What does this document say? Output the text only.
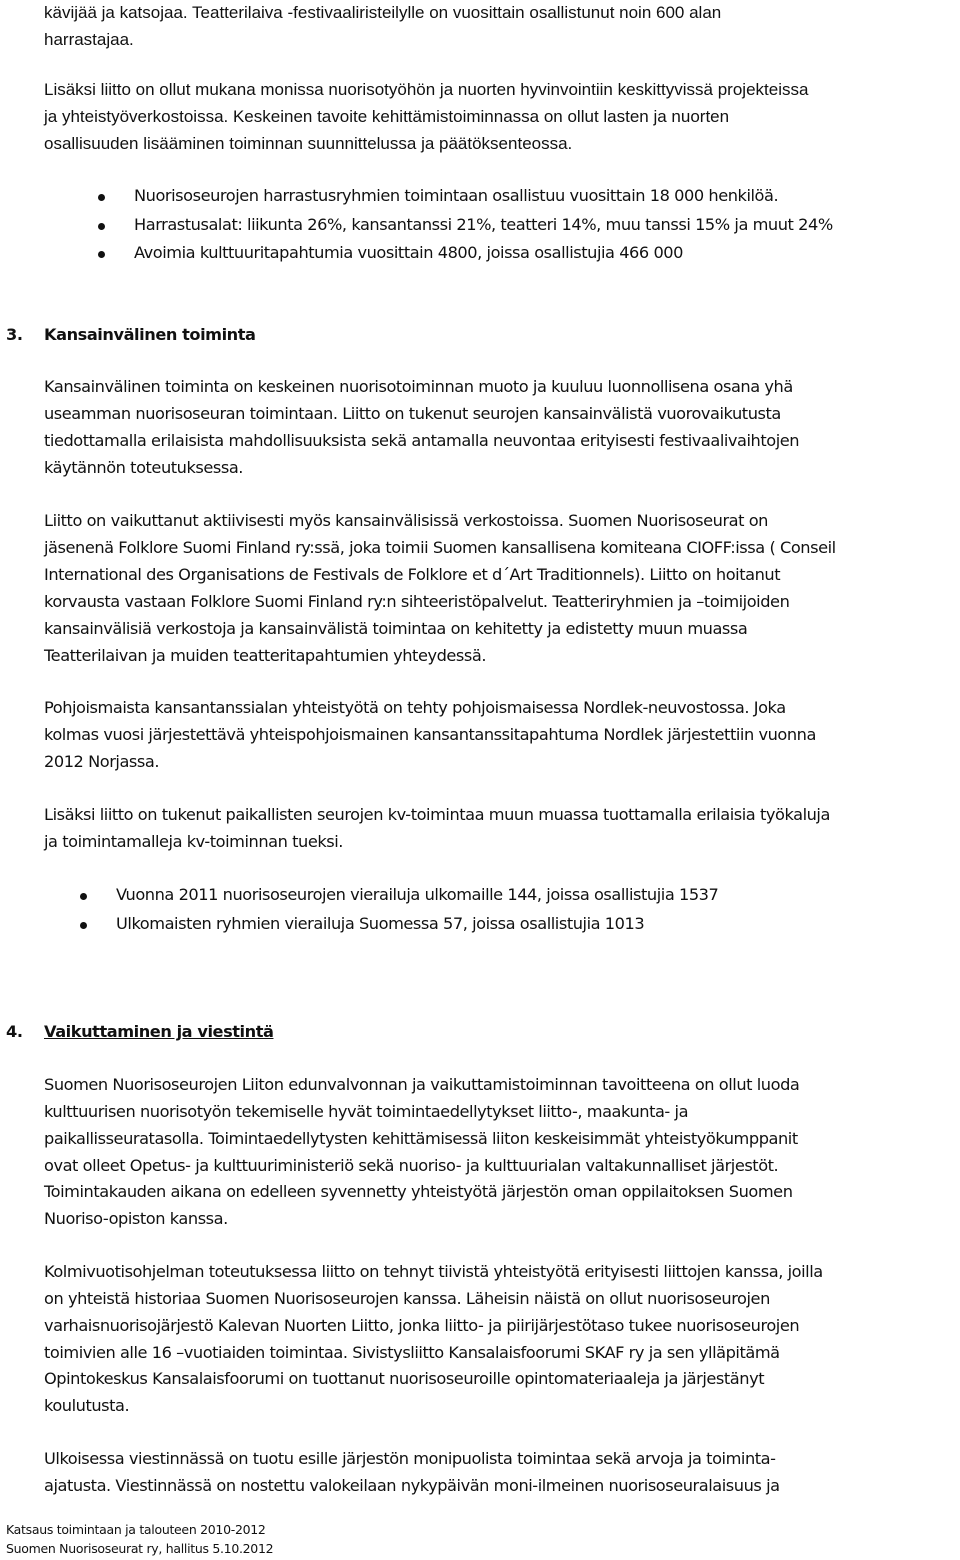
kävijää ja katsojaa. Teatterilaiva -festivaaliristeilylle on vuosittain osallistunut noin 600 alan
harrastajaa.
Lisäksi liitto on ollut mukana monissa nuorisotyöhön ja nuorten hyvinvointiin keskittyvissä projekteissa
ja yhteistyöverkostoissa. Keskeinen tavoite kehittämistoiminnassa on ollut lasten ja nuorten
osallisuuden lisääminen toiminnan suunnittelussa ja päätöksenteossa.
Nuorisoseurojen harrastusryhmien toimintaan osallistuu vuosittain 18 000 henkilöä.
Harrastusalat: liikunta 26%, kansantanssi 21%, teatteri 14%, muu tanssi 15% ja muut 24%
Avoimia kulttuuritapahtumia vuosittain 4800, joissa osallistujia 466 000
3. Kansainvälinen toiminta
Kansainvälinen toiminta on keskeinen nuorisotoiminnan muoto ja kuuluu luonnollisena osana yhä
useamman nuorisoseuran toimintaan. Liitto on tukenut seurojen kansainvälistä vuorovaikutusta
tiedottamalla erilaisista mahdollisuuksista sekä antamalla neuvontaa erityisesti festivaalivaihtojen
käytännön toteutuksessa.
Liitto on vaikuttanut aktiivisesti myös kansainvälisissä verkostoissa. Suomen Nuorisoseurat on
jäsenenä Folklore Suomi Finland ry:ssä, joka toimii Suomen kansallisena komiteana CIOFF:issa ( Conseil
International des Organisations de Festivals de Folklore et d´Art Traditionnels). Liitto on hoitanut
korvausta vastaan Folklore Suomi Finland ry:n sihteeristöpalvelut. Teatteriryhmien ja –toimijoiden
kansainvälisiä verkostoja ja kansainvälistä toimintaa on kehitetty ja edistetty muun muassa
Teatterilaivan ja muiden teatteritapahtumien yhteydessä.
Pohjoismaista kansantanssialan yhteistyötä on tehty pohjoismaisessa Nordlek-neuvostossa. Joka
kolmas vuosi järjestettävä yhteispohjoismainen kansantanssitapahtuma Nordlek järjestettiin vuonna
2012 Norjassa.
Lisäksi liitto on tukenut paikallisten seurojen kv-toimintaa muun muassa tuottamalla erilaisia työkaluja
ja toimintamalleja kv-toiminnan tueksi.
Vuonna 2011 nuorisoseurojen vierailuja ulkomaille 144, joissa osallistujia 1537
Ulkomaisten ryhmien vierailuja Suomessa 57, joissa osallistujia 1013
4. Vaikuttaminen ja viestintä
Suomen Nuorisoseurojen Liiton edunvalvonnan ja vaikuttamistoiminnan tavoitteena on ollut luoda
kulttuurisen nuorisotyön tekemiselle hyvät toimintaedellytykset liitto-, maakunta- ja
paikallisseuratasolla. Toimintaedellytysten kehittämisessä liiton keskeisimmät yhteistyökumppanit
ovat olleet Opetus- ja kulttuuriministeriö sekä nuoriso- ja kulttuurialan valtakunnalliset järjestöt.
Toimintakauden aikana on edelleen syvennetty yhteistyötä järjestön oman oppilaitoksen Suomen
Nuoriso-opiston kanssa.
Kolmivuotisohjelman toteutuksessa liitto on tehnyt tiivistä yhteistyötä erityisesti liittojen kanssa, joilla
on yhteistä historiaa Suomen Nuorisoseurojen kanssa. Läheisin näistä on ollut nuorisoseurojen
varhaisnuorisojärjestö Kalevan Nuorten Liitto, jonka liitto- ja piirijärjestötaso tukee nuorisoseurojen
toimivien alle 16 –vuotiaiden toimintaa. Sivistysliitto Kansalaisfoorumi SKAF ry ja sen ylläpitämä
Opintokeskus Kansalaisfoorumi on tuottanut nuorisoseuroille opintomateriaaleja ja järjestänyt
koulutusta.
Ulkoisessa viestinnässä on tuotu esille järjestön monipuolista toimintaa sekä arvoja ja toiminta-
ajatusta. Viestinnässä on nostettu valokeilaan nykypäivän moni-ilmeinen nuorisoseuralaisuus ja
Katsaus toimintaan ja talouteen 2010-2012
Suomen Nuorisoseurat ry, hallitus 5.10.2012
